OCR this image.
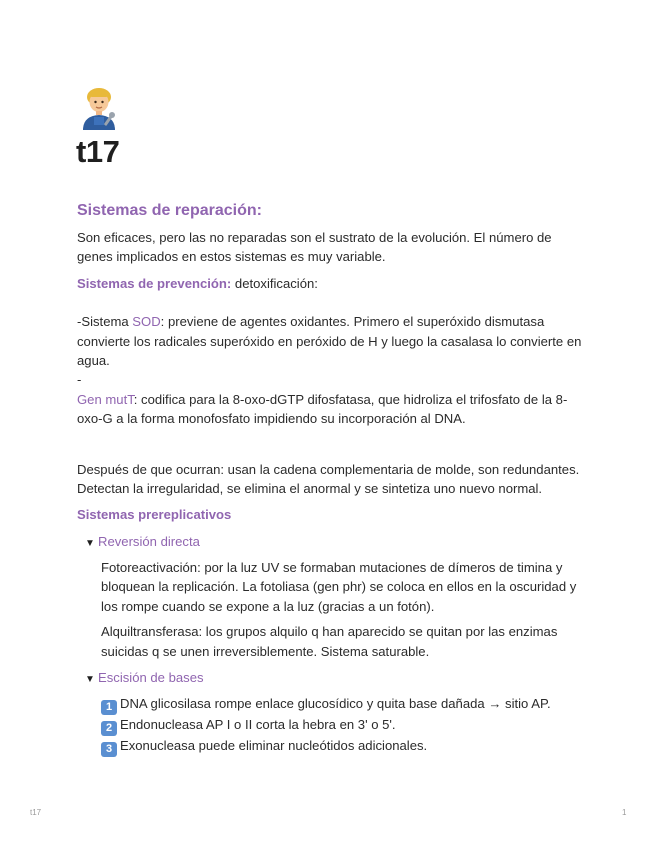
t17
Sistemas de reparación:

Son eficaces, pero las no reparadas son el sustrato de la evolución. El número de genes implicados en estos sistemas es muy variable.

Sistemas de prevención: detoxificación:

-Sistema SOD: previene de agentes oxidantes. Primero el superóxido dismutasa convierte los radicales superóxido en peróxido de H y luego la casalasa lo convierte en agua.

-

Gen mutT: codifica para la 8-oxo-dGTP difosfatasa, que hidroliza el trifosfato de la 8-oxo-G a la forma monofosfato impidiendo su incorporación al DNA.

Después de que ocurran: usan la cadena complementaria de molde, son redundantes. Detectan la irregularidad, se elimina el anormal y se sintetiza uno nuevo normal.

Sistemas prereplicativos

▼ Reversión directa

Fotoreactivación: por la luz UV se formaban mutaciones de dímeros de timina y bloquean la replicación. La fotoliasa (gen phr) se coloca en ellos en la oscuridad y los rompe cuando se expone a la luz (gracias a un fotón).

Alquiltransferasa: los grupos alquilo q han aparecido se quitan por las enzimas suicidas q se unen irreversiblemente. Sistema saturable.

▼ Escisión de bases

1 DNA glicosilasa rompe enlace glucosídico y quita base dañada → sitio AP.

2 Endonucleasa AP I o II corta la hebra en 3' o 5'.

3 Exonucleasa puede eliminar nucleótidos adicionales.

t17	1
